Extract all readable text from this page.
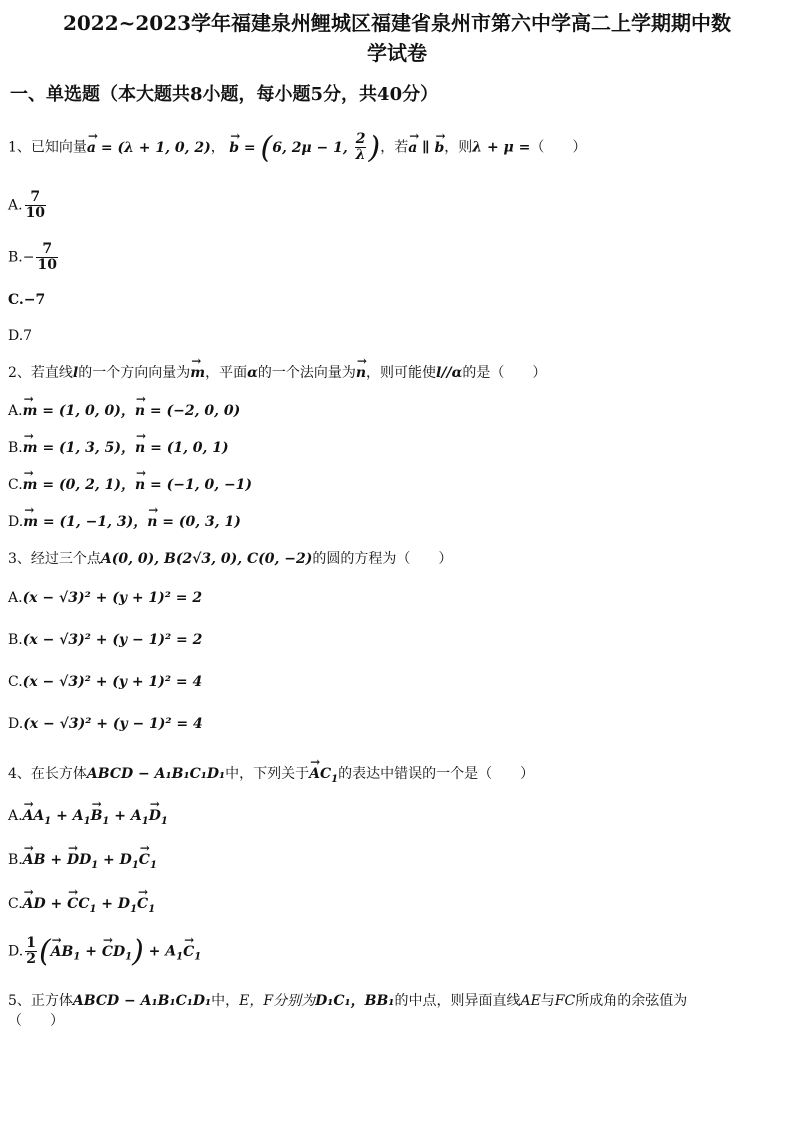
2022~2023学年福建泉州鲤城区福建省泉州市第六中学高二上学期期中数
学试卷
一、单选题（本大题共8小题，每小题5分，共40分）
1、已知向量→ a = (λ + 1, 0, 2)， → b = (6, 2μ − 1, $\frac{2}{\lambda}$ )，若→ a ∥ → b，则λ + μ =（　　）
A. $\frac{7}{10}$
$B.- \frac{7}{10}$
C.−7
D.7
2、若直线l的一个方向向量为→ m，平面α的一个法向量为→ n，则可能使l//α的是（　　）
A.→ m = (1, 0, 0)，→ n = (−2, 0, 0)
B.→ m = (1, 3, 5)，→ n = (1, 0, 1)
C.→ m = (0, 2, 1)，→ n = (−1, 0, −1)
D.→ m = (1, −1, 3)，→ n = (0, 3, 1)
3、经过三个点A(0, 0), B(2√3, 0), C(0, −2)的圆的方程为（　　）
A.(x − √3)² + (y + 1)² = 2
B.(x − √3)² + (y − 1)² = 2
C.(x − √3)² + (y + 1)² = 4
D.(x − √3)² + (y − 1)² = 4
4、在长方体ABCD − A₁B₁C₁D₁中，下列关于→ $AC_1$的表达中错误的一个是（　　）
$A.\to AA_1 + A_1\to B_1 + A_1\to D_1$
B.→ AB + → $DD_1 + D_1\to C_1$
C.→ AD + → $CC_1 + D_1\to C_1$
D. $\frac{1}{2}$ (→ $AB_1$ + → $CD_1) + A_1\to C_1$
5、正方体ABCD − A₁B₁C₁D₁中，E，F分别为D₁C₁，BB₁的中点，则异面直线AE与FC所成角的余弦值为
（　　）
